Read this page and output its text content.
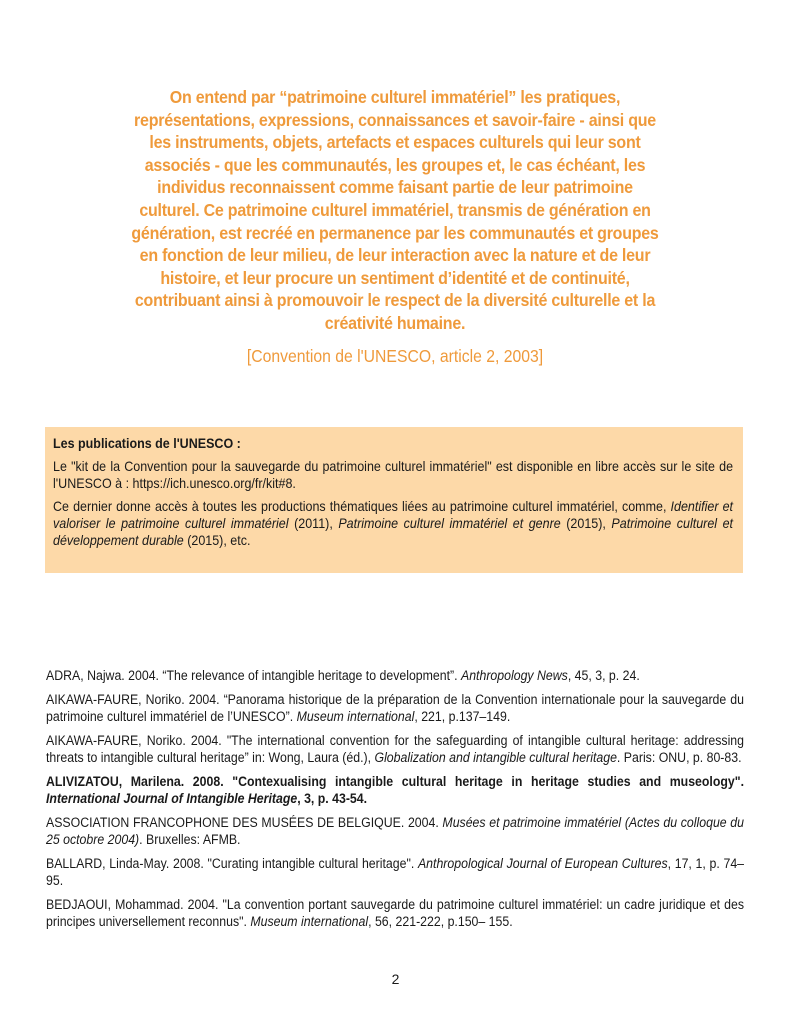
On entend par “patrimoine culturel immatériel” les pratiques,
représentations, expressions, connaissances et savoir-faire - ainsi que
les instruments, objets, artefacts et espaces culturels qui leur sont
associés - que les communautés, les groupes et, le cas échéant, les
individus reconnaissent comme faisant partie de leur patrimoine
culturel. Ce patrimoine culturel immatériel, transmis de génération en
génération, est recréé en permanence par les communautés et groupes
en fonction de leur milieu, de leur interaction avec la nature et de leur
histoire, et leur procure un sentiment d’identité et de continuité,
contribuant ainsi à promouvoir le respect de la diversité culturelle et la
créativité humaine.

[Convention de l'UNESCO, article 2, 2003]

Les publications de l'UNESCO :

Le "kit de la Convention pour la sauvegarde du patrimoine culturel immatériel" est disponible en libre accès sur le site de l'UNESCO à : https://ich.unesco.org/fr/kit#8.

Ce dernier donne accès à toutes les productions thématiques liées au patrimoine culturel immatériel, comme, Identifier et valoriser le patrimoine culturel immatériel (2011), Patrimoine culturel immatériel et genre (2015), Patrimoine culturel et développement durable (2015), etc.

ADRA, Najwa. 2004. “The relevance of intangible heritage to development”. Anthropology News, 45, 3, p. 24.

AIKAWA-FAURE, Noriko. 2004. “Panorama historique de la préparation de la Convention internationale pour la sauvegarde du patrimoine culturel immatériel de l’UNESCO”. Museum international, 221, p.137–149.

AIKAWA-FAURE, Noriko. 2004. "The international convention for the safeguarding of intangible cultural heritage: addressing threats to intangible cultural heritage” in: Wong, Laura (éd.), Globalization and intangible cultural heritage. Paris: ONU, p. 80-83.

ALIVIZATOU, Marilena. 2008. "Contexualising intangible cultural heritage in heritage studies and museology". International Journal of Intangible Heritage, 3, p. 43-54.

ASSOCIATION FRANCOPHONE DES MUSÉES DE BELGIQUE. 2004. Musées et patrimoine immatériel (Actes du colloque du 25 octobre 2004). Bruxelles: AFMB.

BALLARD, Linda-May. 2008. "Curating intangible cultural heritage". Anthropological Journal of European Cultures, 17, 1, p. 74–95.

BEDJAOUI, Mohammad. 2004. "La convention portant sauvegarde du patrimoine culturel immatériel: un cadre juridique et des principes universellement reconnus". Museum international, 56, 221-222, p.150– 155.

2
